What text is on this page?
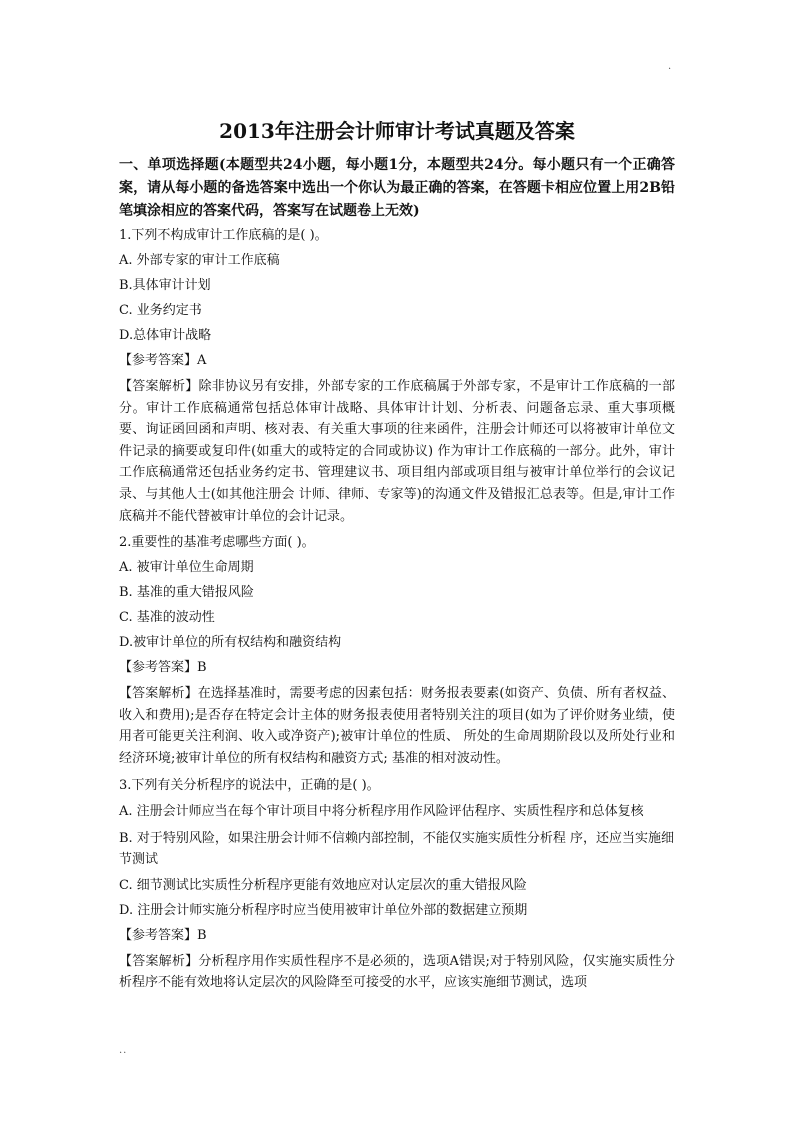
.
2013年注册会计师审计考试真题及答案
一、单项选择题(本题型共24小题，每小题1分，本题型共24分。每小题只有一个正确答案，请从每小题的备选答案中选出一个你认为最正确的答案，在答题卡相应位置上用2B铅笔填涂相应的答案代码，答案写在试题卷上无效)
1.下列不构成审计工作底稿的是( )。
A. 外部专家的审计工作底稿
B.具体审计计划
C. 业务约定书
D.总体审计战略
【参考答案】A
【答案解析】除非协议另有安排，外部专家的工作底稿属于外部专家，不是审计工作底稿的一部分。审计工作底稿通常包括总体审计战略、具体审计计划、分析表、问题备忘录、重大事项概要、询证函回函和声明、核对表、有关重大事项的往来函件，注册会计师还可以将被审计单位文件记录的摘要或复印件(如重大的或特定的合同或协议) 作为审计工作底稿的一部分。此外，审计工作底稿通常还包括业务约定书、管理建议书、项目组内部或项目组与被审计单位举行的会议记录、与其他人士(如其他注册会 计师、律师、专家等)的沟通文件及错报汇总表等。但是,审计工作底稿并不能代替被审计单位的会计记录。
2.重要性的基准考虑哪些方面( )。
A. 被审计单位生命周期
B. 基准的重大错报风险
C. 基准的波动性
D.被审计单位的所有权结构和融资结构
【参考答案】B
【答案解析】在选择基准时，需要考虑的因素包括：财务报表要素(如资产、负债、所有者权益、收入和费用);是否存在特定会计主体的财务报表使用者特别关注的项目(如为了评价财务业绩，使用者可能更关注利润、收入或净资产);被审计单位的性质、 所处的生命周期阶段以及所处行业和经济环境;被审计单位的所有权结构和融资方式; 基准的相对波动性。
3.下列有关分析程序的说法中，正确的是( )。
A. 注册会计师应当在每个审计项目中将分析程序用作风险评估程序、实质性程序和总体复核
B. 对于特别风险，如果注册会计师不信赖内部控制，不能仅实施实质性分析程 序，还应当实施细节测试
C. 细节测试比实质性分析程序更能有效地应对认定层次的重大错报风险
D. 注册会计师实施分析程序时应当使用被审计单位外部的数据建立预期
【参考答案】B
【答案解析】分析程序用作实质性程序不是必须的，选项A错误;对于特别风险，仅实施实质性分析程序不能有效地将认定层次的风险降至可接受的水平，应该实施细节测试，选项
..
